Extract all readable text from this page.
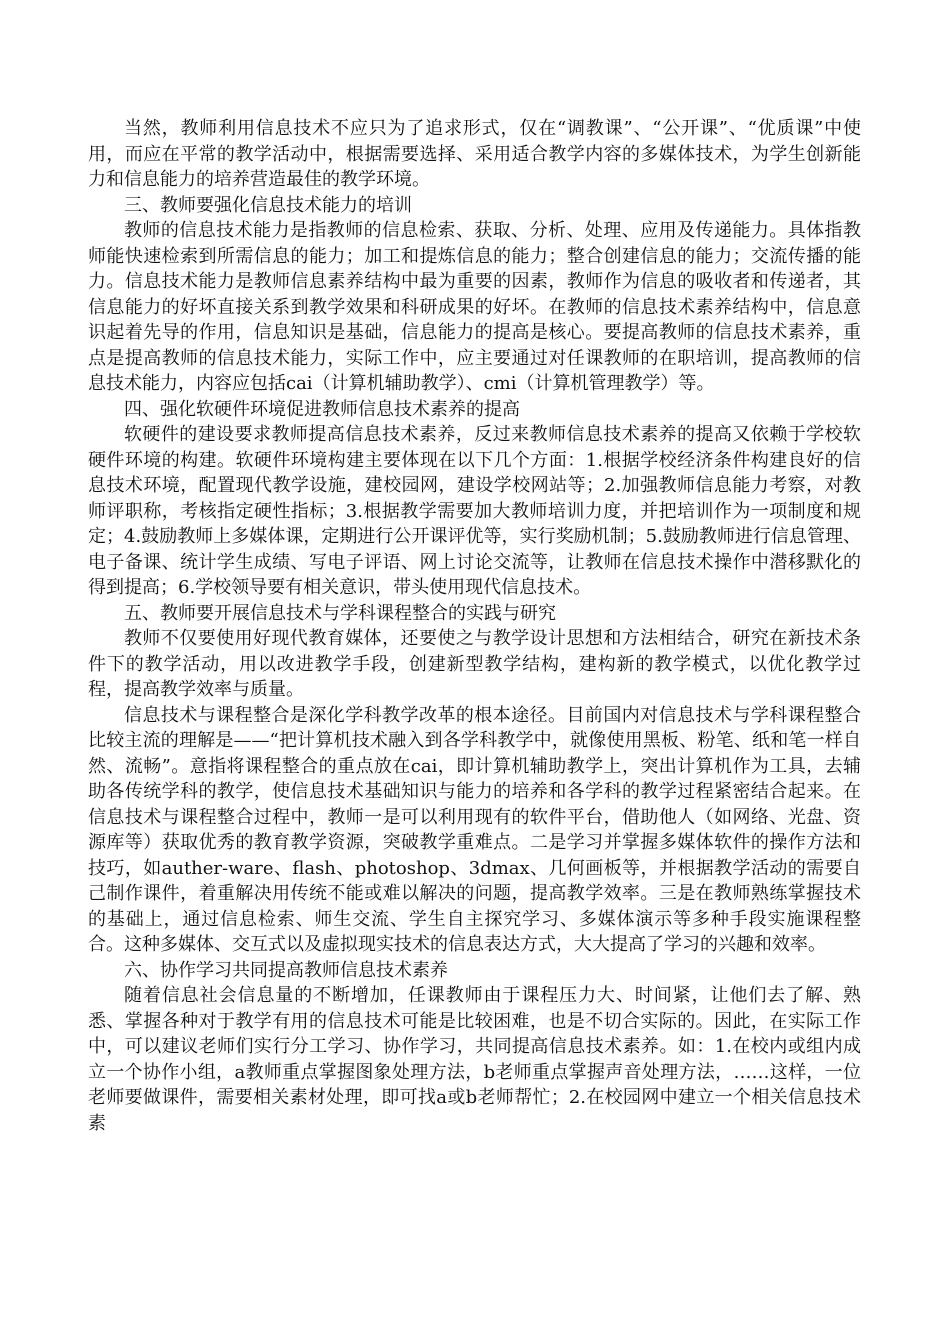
当然，教师利用信息技术不应只为了追求形式，仅在“调教课”、“公开课”、“优质课”中使用，而应在平常的教学活动中，根据需要选择、采用适合教学内容的多媒体技术，为学生创新能力和信息能力的培养营造最佳的教学环境。

三、教师要强化信息技术能力的培训

教师的信息技术能力是指教师的信息检索、获取、分析、处理、应用及传递能力。具体指教师能快速检索到所需信息的能力；加工和提炼信息的能力；整合创建信息的能力；交流传播的能力。信息技术能力是教师信息素养结构中最为重要的因素，教师作为信息的吸收者和传递者，其信息能力的好坏直接关系到教学效果和科研成果的好坏。在教师的信息技术素养结构中，信息意识起着先导的作用，信息知识是基础，信息能力的提高是核心。要提高教师的信息技术素养，重点是提高教师的信息技术能力，实际工作中，应主要通过对任课教师的在职培训，提高教师的信息技术能力，内容应包括cai（计算机辅助教学）、cmi（计算机管理教学）等。

四、强化软硬件环境促进教师信息技术素养的提高

软硬件的建设要求教师提高信息技术素养，反过来教师信息技术素养的提高又依赖于学校软硬件环境的构建。软硬件环境构建主要体现在以下几个方面：1.根据学校经济条件构建良好的信息技术环境，配置现代教学设施，建校园网，建设学校网站等；2.加强教师信息能力考察，对教师评职称，考核指定硬性指标；3.根据教学需要加大教师培训力度，并把培训作为一项制度和规定；4.鼓励教师上多媒体课，定期进行公开课评优等，实行奖励机制；5.鼓励教师进行信息管理、电子备课、统计学生成绩、写电子评语、网上讨论交流等，让教师在信息技术操作中潜移默化的得到提高；6.学校领导要有相关意识，带头使用现代信息技术。

五、教师要开展信息技术与学科课程整合的实践与研究

教师不仅要使用好现代教育媒体，还要使之与教学设计思想和方法相结合，研究在新技术条件下的教学活动，用以改进教学手段，创建新型教学结构，建构新的教学模式，以优化教学过程，提高教学效率与质量。

信息技术与课程整合是深化学科教学改革的根本途径。目前国内对信息技术与学科课程整合比较主流的理解是——“把计算机技术融入到各学科教学中，就像使用黑板、粉笔、纸和笔一样自然、流畅”。意指将课程整合的重点放在cai，即计算机辅助教学上，突出计算机作为工具，去辅助各传统学科的教学，使信息技术基础知识与能力的培养和各学科的教学过程紧密结合起来。在信息技术与课程整合过程中，教师一是可以利用现有的软件平台，借助他人（如网络、光盘、资源库等）获取优秀的教育教学资源，突破教学重难点。二是学习并掌握多媒体软件的操作方法和技巧，如auther-ware、flash、photoshop、3dmax、几何画板等，并根据教学活动的需要自己制作课件，着重解决用传统不能或难以解决的问题，提高教学效率。三是在教师熟练掌握技术的基础上，通过信息检索、师生交流、学生自主探究学习、多媒体演示等多种手段实施课程整合。这种多媒体、交互式以及虚拟现实技术的信息表达方式，大大提高了学习的兴趣和效率。

六、协作学习共同提高教师信息技术素养

随着信息社会信息量的不断增加，任课教师由于课程压力大、时间紧，让他们去了解、熟悉、掌握各种对于教学有用的信息技术可能是比较困难，也是不切合实际的。因此，在实际工作中，可以建议老师们实行分工学习、协作学习，共同提高信息技术素养。如：1.在校内或组内成立一个协作小组，a教师重点掌握图象处理方法，b老师重点掌握声音处理方法，……这样，一位老师要做课件，需要相关素材处理，即可找a或b老师帮忙；2.在校园网中建立一个相关信息技术素
